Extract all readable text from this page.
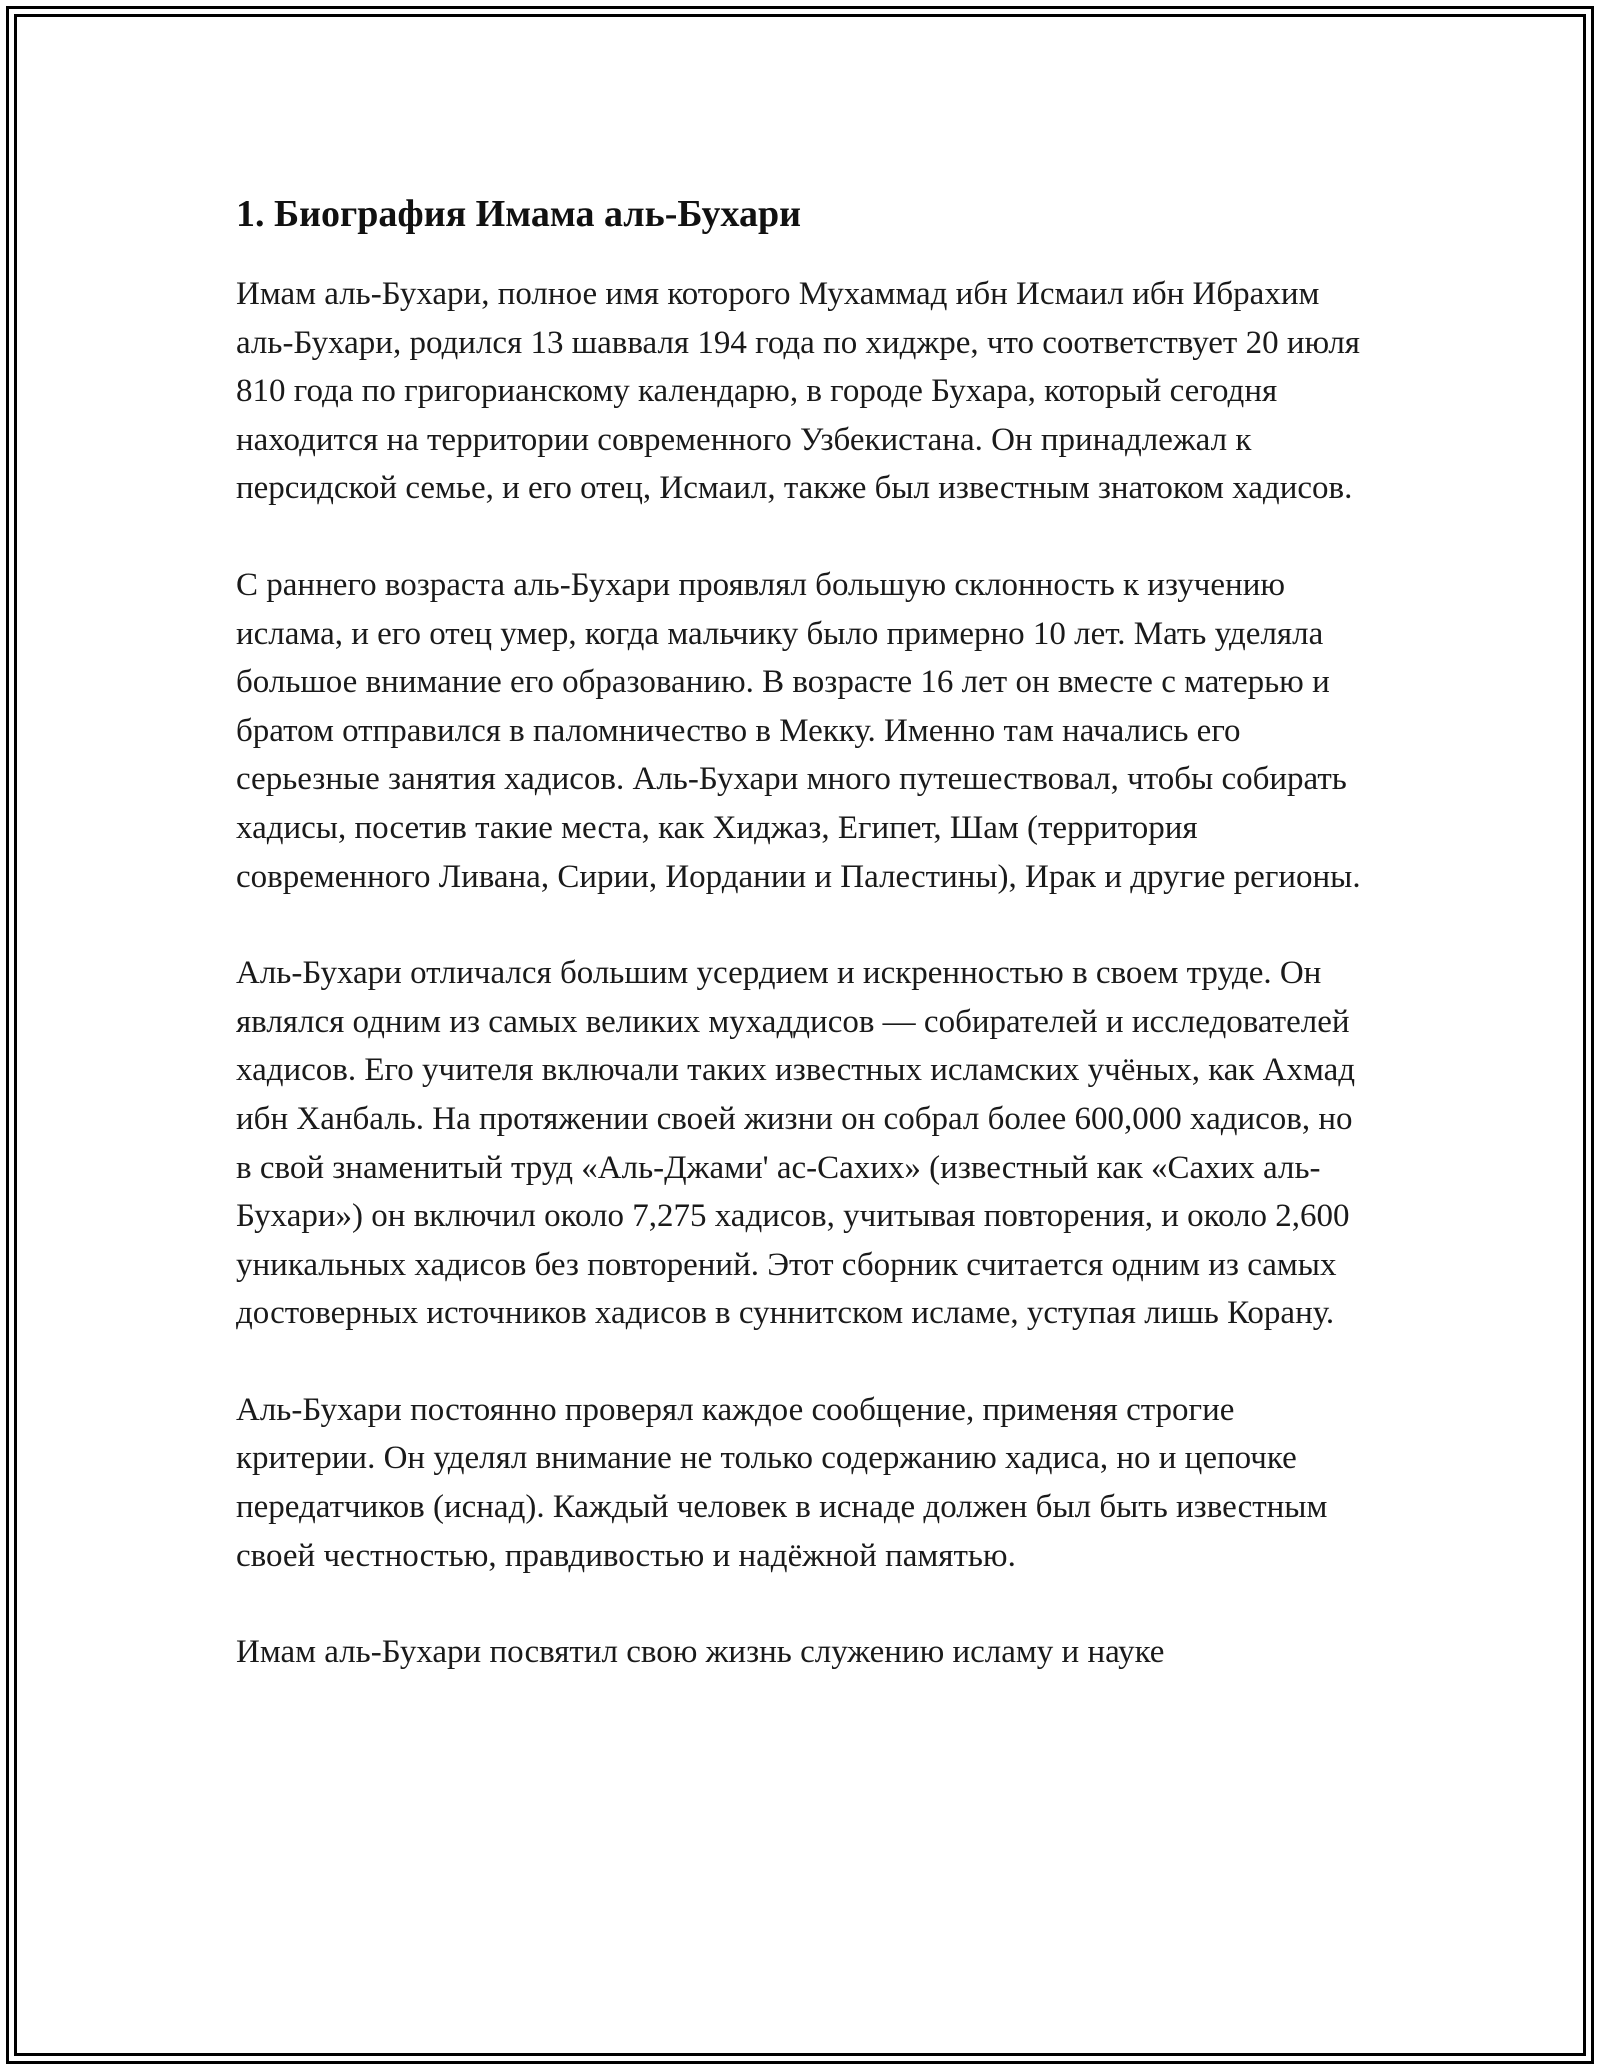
1. Биография Имама аль-Бухари

Имам аль-Бухари, полное имя которого Мухаммад ибн Исмаил ибн Ибрахим аль-Бухари, родился 13 шавваля 194 года по хиджре, что соответствует 20 июля 810 года по григорианскому календарю, в городе Бухара, который сегодня находится на территории современного Узбекистана. Он принадлежал к персидской семье, и его отец, Исмаил, также был известным знатоком хадисов.

С раннего возраста аль-Бухари проявлял большую склонность к изучению ислама, и его отец умер, когда мальчику было примерно 10 лет. Мать уделяла большое внимание его образованию. В возрасте 16 лет он вместе с матерью и братом отправился в паломничество в Мекку. Именно там начались его серьезные занятия хадисов. Аль-Бухари много путешествовал, чтобы собирать хадисы, посетив такие места, как Хиджаз, Египет, Шам (территория современного Ливана, Сирии, Иордании и Палестины), Ирак и другие регионы.

Аль-Бухари отличался большим усердием и искренностью в своем труде. Он являлся одним из самых великих мухаддисов — собирателей и исследователей хадисов. Его учителя включали таких известных исламских учёных, как Ахмад ибн Ханбаль. На протяжении своей жизни он собрал более 600,000 хадисов, но в свой знаменитый труд «Аль-Джами' ас-Сахих» (известный как «Сахих аль-Бухари») он включил около 7,275 хадисов, учитывая повторения, и около 2,600 уникальных хадисов без повторений. Этот сборник считается одним из самых достоверных источников хадисов в суннитском исламе, уступая лишь Корану.

Аль-Бухари постоянно проверял каждое сообщение, применяя строгие критерии. Он уделял внимание не только содержанию хадиса, но и цепочке передатчиков (иснад). Каждый человек в иснаде должен был быть известным своей честностью, правдивостью и надёжной памятью.

Имам аль-Бухари посвятил свою жизнь служению исламу и науке
